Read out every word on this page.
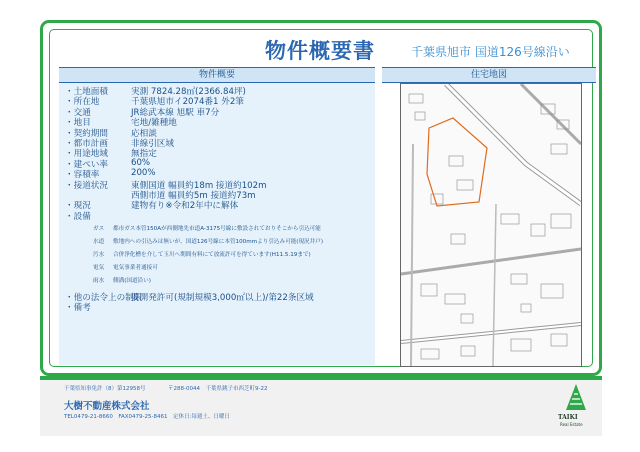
物件概要書	千葉県旭市 国道126号線沿い
物件概要
・土地面積	実測 7824.28㎡(2366.84坪)
・所在地	千葉県旭市イ2074番1 外2筆
・交通	JR総武本線 旭駅 車7分
・地目	宅地/雑種地
・契約期間	応相談
・都市計画	非線引区域
・用途地域	無指定
・建ぺい率	60%
・容積率	200%
・接道状況	東側国道 幅員約18m 接道約102m
西側市道 幅員約5m 接道約73m
・現況	建物有り※令和2年中に解体
・設備
ガス 都市ガス本管150Aが西側地先市道A-3175号線に敷設されておりそこから引込可能
水道 敷地内への引込みは無いが、国道126号線に本管100mmより引込み可能(現況井戸)
汚水 合併浄化槽を介して玉川へ期間有料にて放流許可を得ています(H11.5.19まで)
電気 電気事業者通接可
雨水 側溝(国道沿い)
・他の法令上の制限
要開発許可(規制規模3,000㎡以上)/第22条区域
・備考
住宅地図
千葉県知事免許（8）第12958号	〒288-0044　千葉県銚子市西芝町9-22
大樹不動産株式会社
TEL0479-21-8660　FAX0479-25-8461　定休日:毎週土、日曜日	TAIKI
Real Estate
